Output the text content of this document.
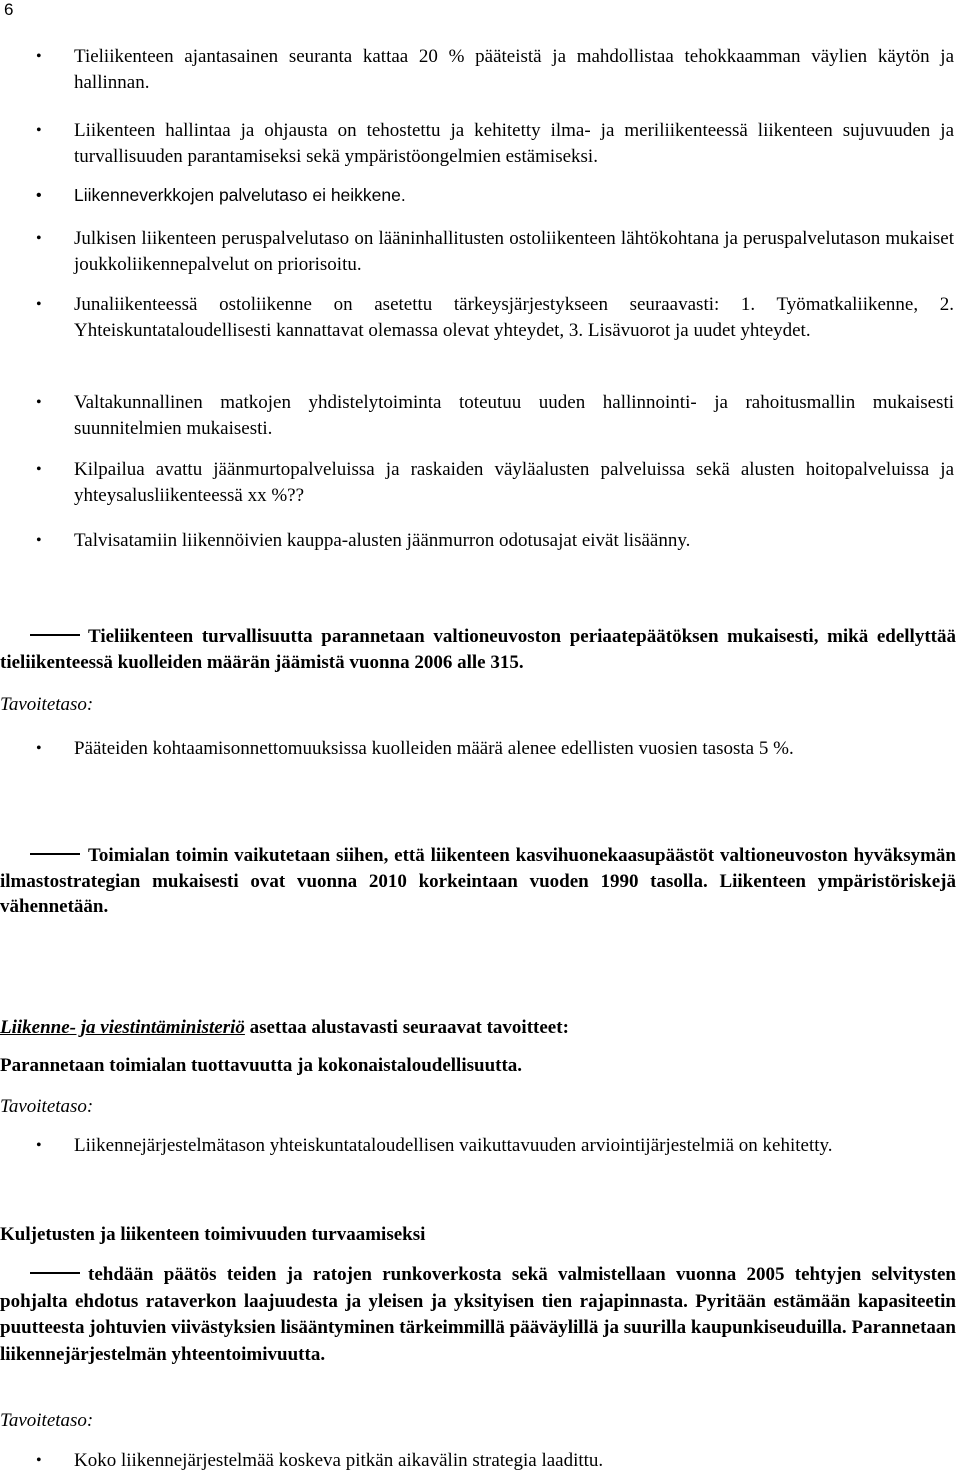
6
• Tieliikenteen ajantasainen seuranta kattaa 20 % pääteistä ja mahdollistaa tehokkaamman väylien käytön ja hallinnan.
• Liikenteen hallintaa ja ohjausta on tehostettu ja kehitetty ilma- ja meriliikenteessä liikenteen sujuvuuden ja turvallisuuden parantamiseksi sekä ympäristöongelmien estämiseksi.
• Liikenneverkkojen palvelutaso ei heikkene.
• Julkisen liikenteen peruspalvelutaso on lääninhallitusten ostoliikenteen lähtökohtana ja peruspalvelutason mukaiset joukkoliikennepalvelut on priorisoitu.
• Junaliikenteessä ostoliikenne on asetettu tärkeysjärjestykseen seuraavasti: 1. Työmatkaliikenne, 2. Yhteiskuntataloudellisesti kannattavat olemassa olevat yhteydet, 3. Lisävuorot ja uudet yhteydet.
• Valtakunnallinen matkojen yhdistelytoiminta toteutuu uuden hallinnointi- ja rahoitusmallin mukaisesti suunnitelmien mukaisesti.
• Kilpailua avattu jäänmurtopalveluissa ja raskaiden väyläalusten palveluissa sekä alusten hoitopalveluissa ja yhteysalusliikenteessä xx %??
• Talvisatamiin liikennöivien kauppa-alusten jäänmurron odotusajat eivät lisäänny.
Tieliikenteen turvallisuutta parannetaan valtioneuvoston periaatepäätöksen mukaisesti, mikä edellyttää tieliikenteessä kuolleiden määrän jäämistä vuonna 2006 alle 315.
Tavoitetaso:
• Pääteiden kohtaamisonnettomuuksissa kuolleiden määrä alenee edellisten vuosien tasosta 5 %.
Toimialan toimin vaikutetaan siihen, että liikenteen kasvihuonekaasupäästöt valtioneuvoston hyväksymän ilmastostrategian mukaisesti ovat vuonna 2010 korkeintaan vuoden 1990 tasolla. Liikenteen ympäristöriskejä vähennetään.
Liikenne- ja viestintäministeriö asettaa alustavasti seuraavat tavoitteet:
Parannetaan toimialan tuottavuutta ja kokonaistaloudellisuutta.
Tavoitetaso:
• Liikennejärjestelmätason yhteiskuntataloudellisen vaikuttavuuden arviointijärjestelmiä on kehitetty.
Kuljetusten ja liikenteen toimivuuden turvaamiseksi
tehdään päätös teiden ja ratojen runkoverkosta sekä valmistellaan vuonna 2005 tehtyjen selvitysten pohjalta ehdotus rataverkon laajuudesta ja yleisen ja yksityisen tien rajapinnasta. Pyritään estämään kapasiteetin puutteesta johtuvien viivästyksien lisääntyminen tärkeimmillä pääväylillä ja suurilla kaupunkiseuduilla. Parannetaan liikennejärjestelmän yhteentoimivuutta.
Tavoitetaso:
• Koko liikennejärjestelmää koskeva pitkän aikavälin strategia laadittu.
